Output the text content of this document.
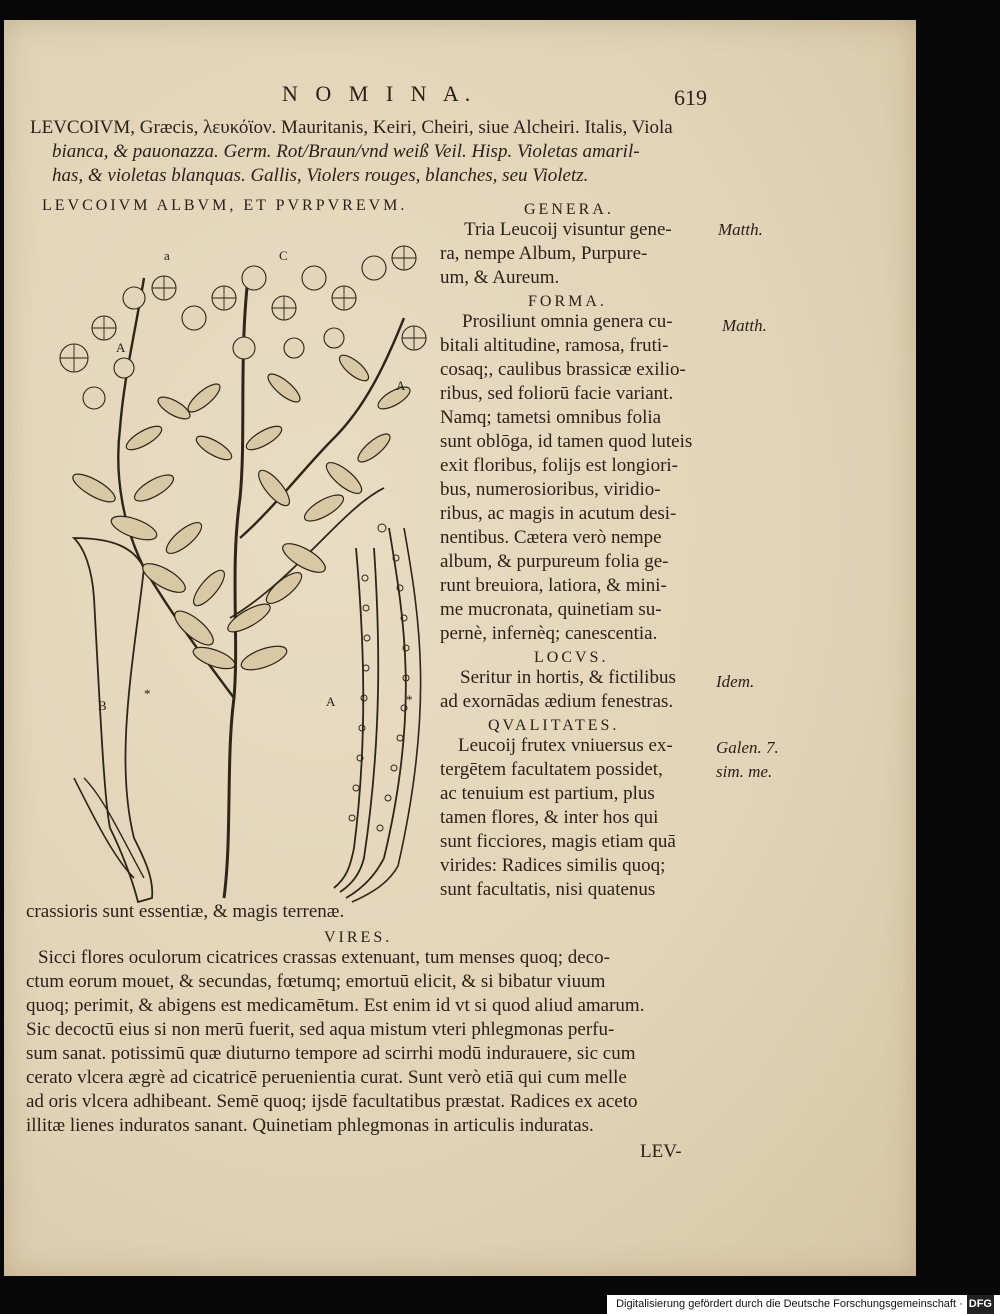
N O M I N A.	619
LEVCOIVM, Græcis, λευκόϊον. Mauritanis, Keiri, Cheiri, siue Alcheiri. Italis, Viola
bianca, & pauonazza. Germ. Rot/Braun/vnd weiß Veil. Hisp. Violetas amaril-
has, & violetas blanquas. Gallis, Violers rouges, blanches, seu Violetz.
LEVCOIVM ALBVM, ET PVRPVREVM.
a	C
A
A
B	A
*	*
GENERA.
Tria Leucoij visuntur gene-
ra, nempe Album, Purpure-
um, & Aureum.
Matth.
FORMA.
Prosiliunt omnia genera cu-
bitali altitudine, ramosa, fruti-
cosaq;, caulibus brassicæ exilio-
ribus, sed foliorū facie variant.
Namq; tametsi omnibus folia
sunt oblōga, id tamen quod luteis
exit floribus, folijs est longiori-
bus, numerosioribus, viridio-
ribus, ac magis in acutum desi-
nentibus. Cætera verò nempe
album, & purpureum folia ge-
runt breuiora, latiora, & mini-
me mucronata, quinetiam su-
pernè, infernèq; canescentia.
Matth.
LOCVS.
Seritur in hortis, & fictilibus
ad exornādas ædium fenestras.
Idem.
QVALITATES.
Leucoij frutex vniuersus ex-
tergētem facultatem possidet,
ac tenuium est partium, plus
tamen flores, & inter hos qui
sunt ficciores, magis etiam quā
virides: Radices similis quoq;
sunt facultatis, nisi quatenus
Galen. 7.
sim. me.
crassioris sunt essentiæ, & magis terrenæ.
VIRES.
Sicci flores oculorum cicatrices crassas extenuant, tum menses quoq; deco-
ctum eorum mouet, & secundas, fœtumq; emortuū elicit, & si bibatur viuum
quoq; perimit, & abigens est medicamētum. Est enim id vt si quod aliud amarum.
Sic decoctū eius si non merū fuerit, sed aqua mistum vteri phlegmonas perfu-
sum sanat. potissimū quæ diuturno tempore ad scirrhi modū indurauere, sic cum
cerato vlcera ægrè ad cicatricē peruenientia curat. Sunt verò etiā qui cum melle
ad oris vlcera adhibeant. Semē quoq; ijsdē facultatibus præstat. Radices ex aceto
illitæ lienes induratos sanant. Quinetiam phlegmonas in articulis induratas.
LEV-
Digitalisierung gefördert durch die Deutsche Forschungsgemeinschaft · DFG
